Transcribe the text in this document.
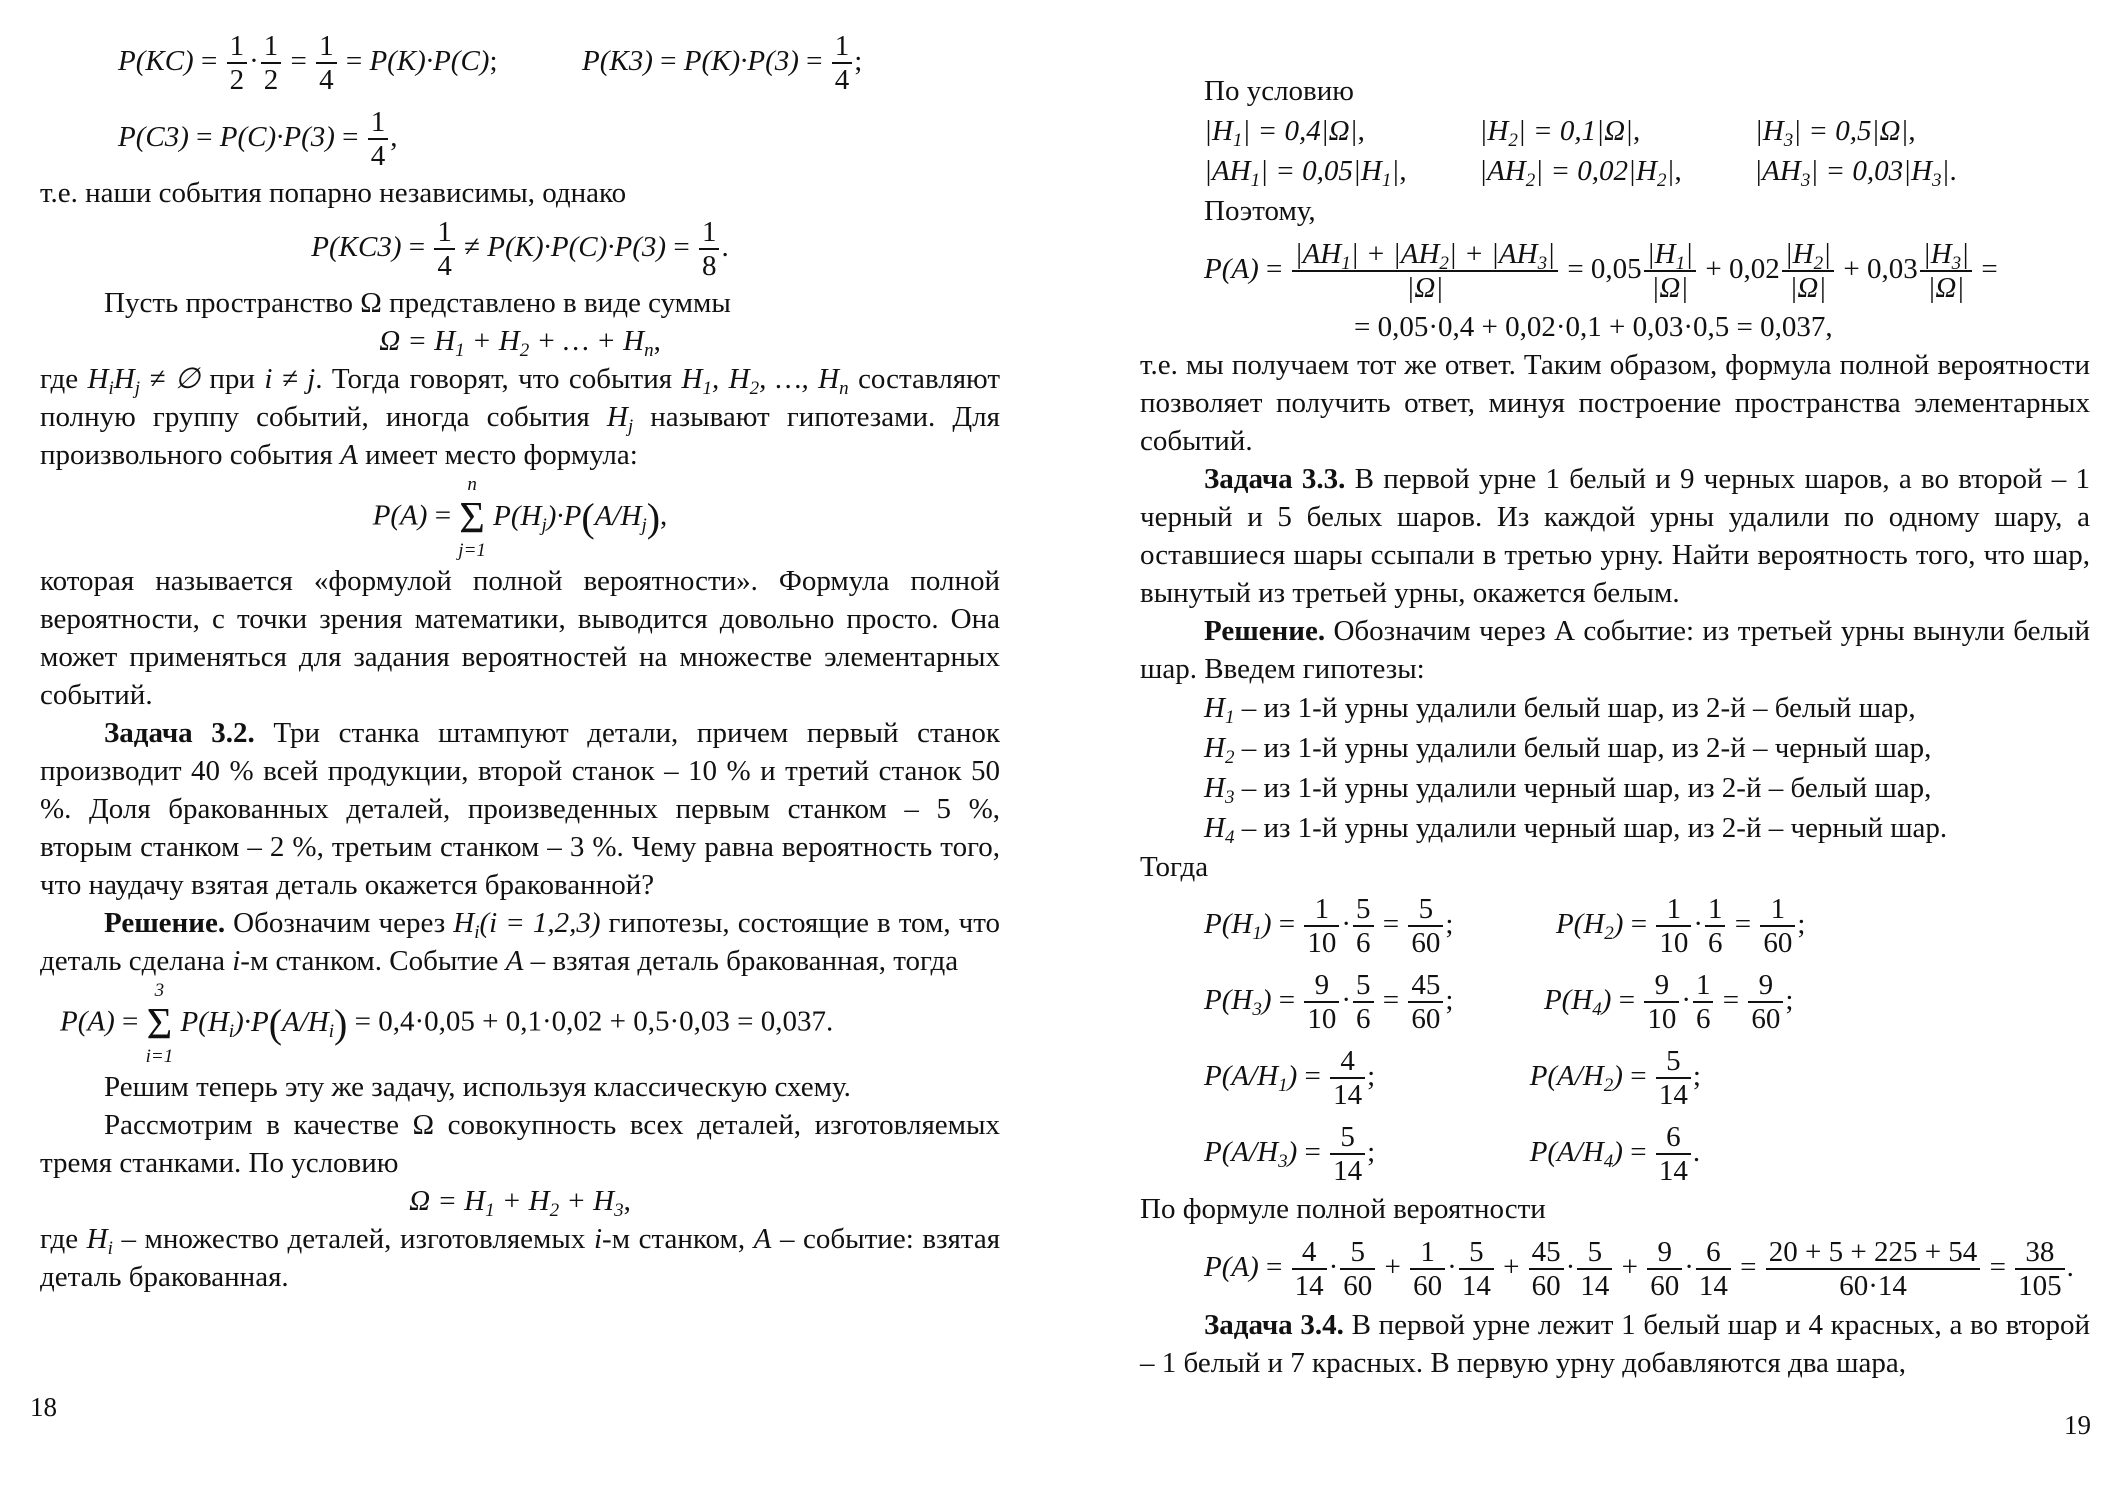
$P(KC) = \frac{1}{2} \cdot \frac{1}{2} = \frac{1}{4} = P(K)\cdot P(C)$;	$P(K3) = P(K)\cdot P(3) = \frac{1}{4}$ ;
$P(C3) = P(C)\cdot P(3) = \frac{1}{4}$ ,

т.е. наши события попарно независимы, однако

$P(KC3) = \frac{1}{4} \ne P(K)\cdot P(C)\cdot P(3) = \frac{1}{8}$ .

Пусть пространство Ω представлено в виде суммы

$\Omega = H_1 + H_2$ + … + $H_n$,

где $H_iH_j$ ≠ ∅ при i ≠ j. Тогда говорят, что события $H_1$, $H_2$, …, $H_n$ составляют полную группу событий, иногда события $H_j$ называют гипотезами. Для произвольного события A имеет место формула:

P(A) =
n
Σ
j=1
$P(H_j)\cdot P(A/H_j)$,

которая называется «формулой полной вероятности». Формула полной вероятности, с точки зрения математики, выводится довольно просто. Она может применяться для задания вероятностей на множестве элементарных событий.

Задача 3.2. Три станка штампуют детали, причем первый станок производит 40 % всей продукции, второй станок – 10 % и третий станок 50 %. Доля бракованных деталей, произведенных первым станком – 5 %, вторым станком – 2 %, третьим станком – 3 %. Чему равна вероятность того, что наудачу взятая деталь окажется бракованной?

Решение. Обозначим через $H_i(i = 1,2,3)$ гипотезы, состоящие в том, что деталь сделана i-м станком. Событие A – взятая деталь бракованная, тогда

P(A) =
3
Σ
i=1
$P(H_i)\cdot P(A/H_i) = 0,4\cdot 0,05 + 0,1\cdot 0,02 + 0,5\cdot 0,03 = 0,037$.

Решим теперь эту же задачу, используя классическую схему.

Рассмотрим в качестве Ω совокупность всех деталей, изготовляемых тремя станками. По условию

$\Omega = H_1 + H_2 + H_3$,

где $H_i$ – множество деталей, изготовляемых i-м станком, A – событие: взятая деталь бракованная.

18
По условию
$|H_1| = 0,4|\Omega|$,	$|H_2| = 0,1|\Omega|$,	$|H_3| = 0,5|\Omega|$,
$|AH_1| = 0,05|H_1|$,  $|AH_2| = 0,02|H_2|$,  $|AH_3| = 0,03|H_3|$.
Поэтому,
$P(A) = \frac{|AH_1| + |AH_2| + |AH_3|}{|\Omega|} = 0,05 \frac{|H_1|}{|\Omega|} + 0,02 \frac{|H_2|}{|\Omega|} + 0,03 \frac{|H_3|}{|\Omega|}$ =
= 0,05·0,4 + 0,02·0,1 + 0,03·0,5 = 0,037,

т.е. мы получаем тот же ответ. Таким образом, формула полной вероятности позволяет получить ответ, минуя построение пространства элементарных событий.

Задача 3.3. В первой урне 1 белый и 9 черных шаров, а во второй – 1 черный и 5 белых шаров. Из каждой урны удалили по одному шару, а оставшиеся шары ссыпали в третью урну. Найти вероятность того, что шар, вынутый из третьей урны, окажется белым.

Решение. Обозначим через А событие: из третьей урны вынули белый шар. Введем гипотезы:

$H_1$ – из 1-й урны удалили белый шар, из 2-й – белый шар,
$H_2$ – из 1-й урны удалили белый шар, из 2-й – черный шар,
$H_3$ – из 1-й урны удалили черный шар, из 2-й – белый шар,
$H_4$ – из 1-й урны удалили черный шар, из 2-й – черный шар.
Тогда
$P(H_1) = \frac{1}{10} \cdot \frac{5}{6} = \frac{5}{60}$ ;	$P(H_2) = \frac{1}{10} \cdot \frac{1}{6} = \frac{1}{60}$ ;
$P(H_3) = \frac{9}{10} \cdot \frac{5}{6} = \frac{45}{60}$ ;	$P(H_4) = \frac{9}{10} \cdot \frac{1}{6} = \frac{9}{60}$ ;
$P(A/H_1) = \frac{4}{14}$ ;	$P(A/H_2) = \frac{5}{14}$ ;
$P(A/H_3) = \frac{5}{14}$ ;	$P(A/H_4) = \frac{6}{14}$ .
По формуле полной вероятности
$P(A) = \frac{4}{14} \cdot \frac{5}{60} + \frac{1}{60} \cdot \frac{5}{14} + \frac{45}{60} \cdot \frac{5}{14} + \frac{9}{60} \cdot \frac{6}{14} = \frac{20 + 5 + 225 + 54}{60\cdot 14} = \frac{38}{105}$ .

Задача 3.4. В первой урне лежит 1 белый шар и 4 красных, а во второй – 1 белый и 7 красных. В первую урну добавляются два шара,

19
